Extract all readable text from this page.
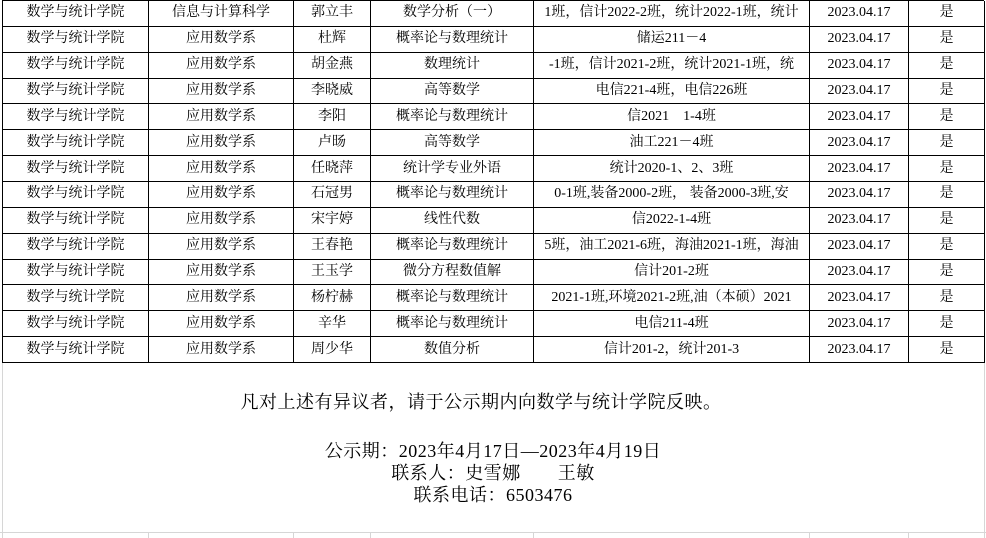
数学与统计学院	信息与计算科学	郭立丰	数学分析（一）	1班，信计2022-2班，统计2022-1班，统计	2023.04.17	是
数学与统计学院	应用数学系	杜辉	概率论与数理统计	储运211－4	2023.04.17	是
数学与统计学院	应用数学系	胡金燕	数理统计	-1班，信计2021-2班，统计2021-1班，统	2023.04.17	是
数学与统计学院	应用数学系	李晓威	高等数学	电信221-4班，电信226班	2023.04.17	是
数学与统计学院	应用数学系	李阳	概率论与数理统计	信2021　1-4班	2023.04.17	是
数学与统计学院	应用数学系	卢旸	高等数学	油工221－4班	2023.04.17	是
数学与统计学院	应用数学系	任晓萍	统计学专业外语	统计2020-1、2、3班	2023.04.17	是
数学与统计学院	应用数学系	石冠男	概率论与数理统计	0-1班,装备2000-2班， 装备2000-3班,安	2023.04.17	是
数学与统计学院	应用数学系	宋宇婷	线性代数	信2022-1-4班	2023.04.17	是
数学与统计学院	应用数学系	王春艳	概率论与数理统计	5班，油工2021-6班，海油2021-1班，海油	2023.04.17	是
数学与统计学院	应用数学系	王玉学	微分方程数值解	信计201-2班	2023.04.17	是
数学与统计学院	应用数学系	杨柠赫	概率论与数理统计	2021-1班,环境2021-2班,油（本硕）2021	2023.04.17	是
数学与统计学院	应用数学系	辛华	概率论与数理统计	电信211-4班	2023.04.17	是
数学与统计学院	应用数学系	周少华	数值分析	信计201-2，统计201-3	2023.04.17	是
凡对上述有异议者，请于公示期内向数学与统计学院反映。
公示期：2023年4月17日—2023年4月19日
联系人：史雪娜　　王敏
联系电话：6503476
